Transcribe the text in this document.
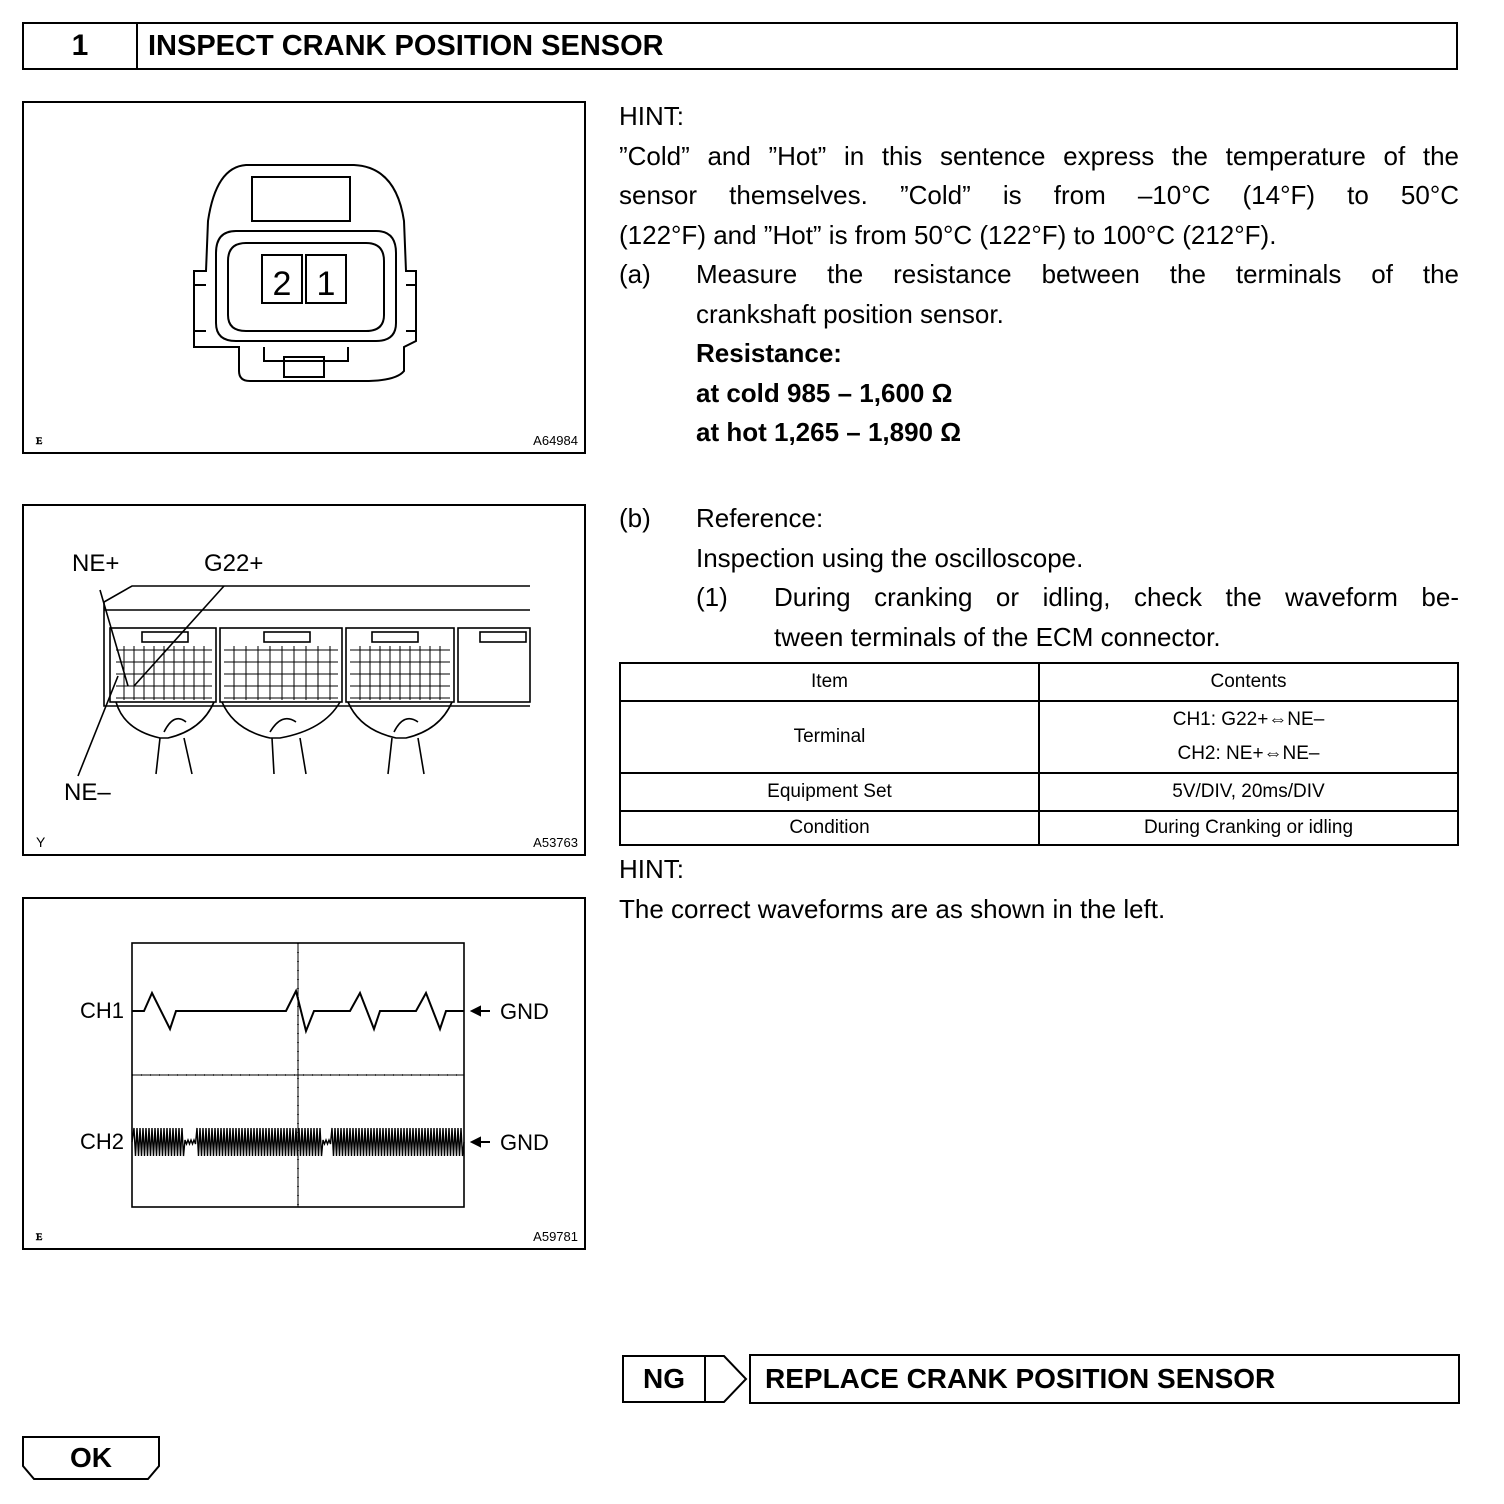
1	INSPECT CRANK POSITION SENSOR
2 1
ꭼ	A64984
NE+	G22+
NE–
Y	A53763
CH1
CH2
GND
GND
ꭼ	A59781
HINT:
”Cold” and ”Hot” in this sentence express the temperature of the
sensor themselves. ”Cold” is from –10°C (14°F) to 50°C
(122°F) and ”Hot” is from 50°C (122°F) to 100°C (212°F).
(a) Measure the resistance between the terminals of the
crankshaft position sensor.
Resistance:
at cold 985 – 1,600 Ω
at hot 1,265 – 1,890 Ω
(b) Reference:
Inspection using the oscilloscope.
(1) During cranking or idling, check the waveform be-
tween terminals of the ECM connector.
Item	Contents
Terminal	CH1: G22+⇔NE–
CH2: NE+⇔NE–

Equipment Set	5V/DIV, 20ms/DIV
Condition	During Cranking or idling
HINT:
The correct waveforms are as shown in the left.
NG	REPLACE CRANK POSITION SENSOR
OK
